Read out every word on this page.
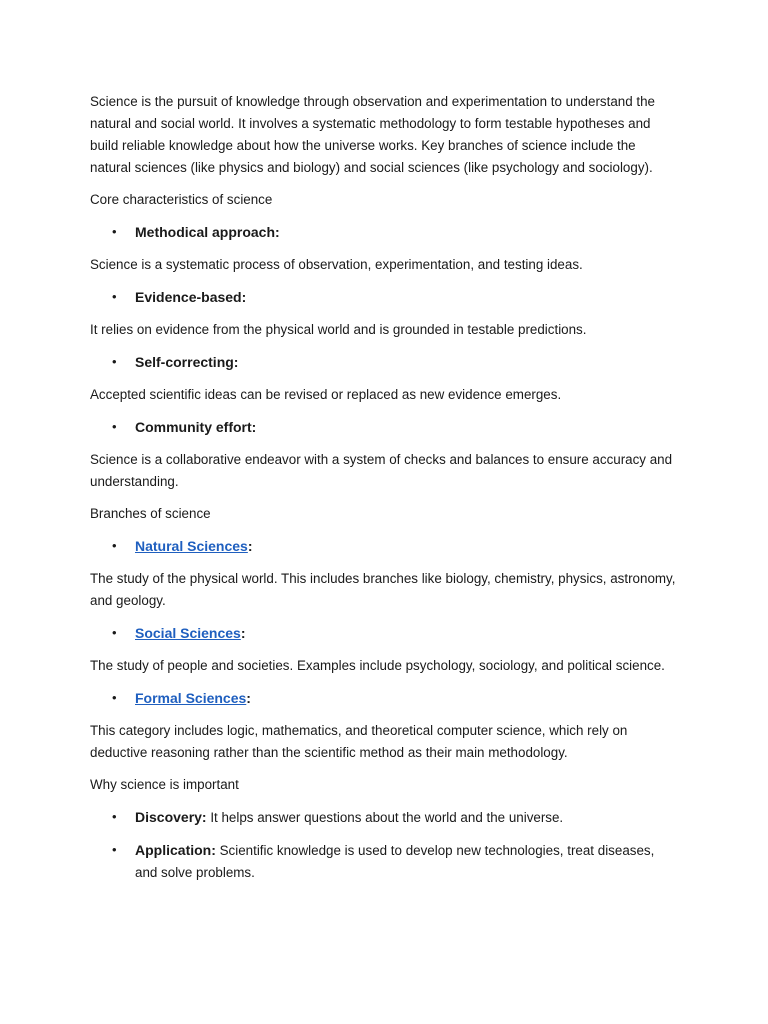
Science is the pursuit of knowledge through observation and experimentation to understand the natural and social world. It involves a systematic methodology to form testable hypotheses and build reliable knowledge about how the universe works. Key branches of science include the natural sciences (like physics and biology) and social sciences (like psychology and sociology).

Core characteristics of science

• Methodical approach:

Science is a systematic process of observation, experimentation, and testing ideas.

• Evidence-based:

It relies on evidence from the physical world and is grounded in testable predictions.

• Self-correcting:

Accepted scientific ideas can be revised or replaced as new evidence emerges.

• Community effort:

Science is a collaborative endeavor with a system of checks and balances to ensure accuracy and understanding.

Branches of science

• Natural Sciences:

The study of the physical world. This includes branches like biology, chemistry, physics, astronomy, and geology.

• Social Sciences:

The study of people and societies. Examples include psychology, sociology, and political science.

• Formal Sciences:

This category includes logic, mathematics, and theoretical computer science, which rely on deductive reasoning rather than the scientific method as their main methodology.

Why science is important

• Discovery: It helps answer questions about the world and the universe.
• Application: Scientific knowledge is used to develop new technologies, treat diseases, and solve problems.
